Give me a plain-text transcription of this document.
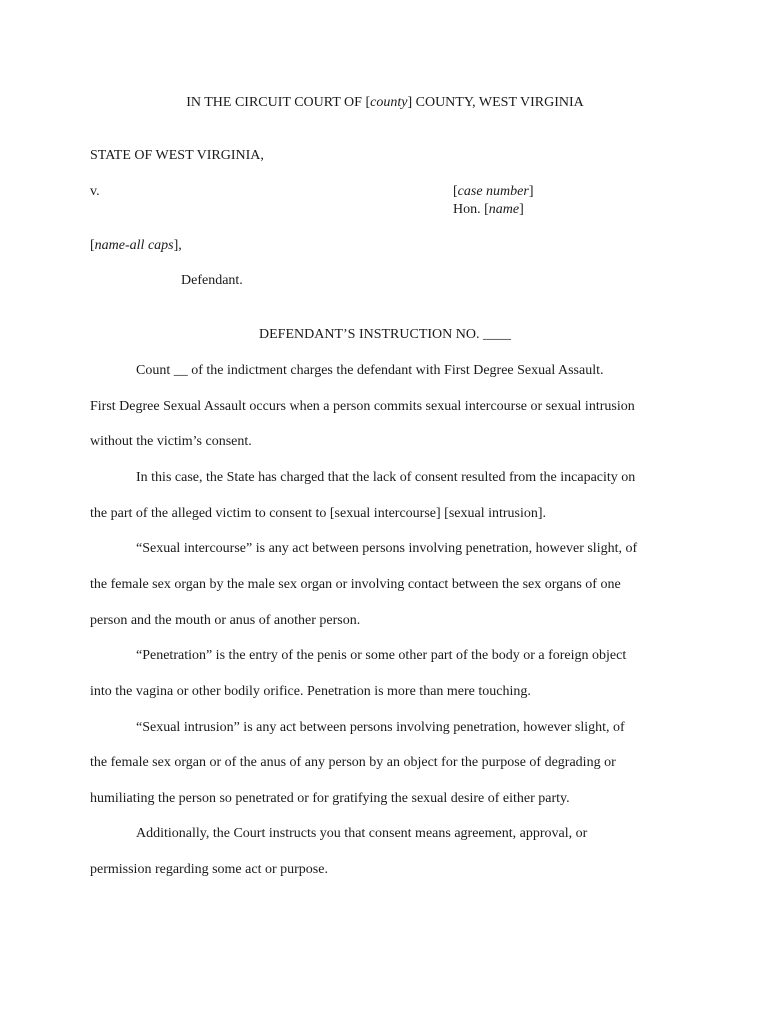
IN THE CIRCUIT COURT OF [county] COUNTY, WEST VIRGINIA
STATE OF WEST VIRGINIA,
v.	[case number]
Hon. [name]
[name-all caps],
Defendant.
DEFENDANT’S INSTRUCTION NO. ____
Count __ of the indictment charges the defendant with First Degree Sexual Assault.
First Degree Sexual Assault occurs when a person commits sexual intercourse or sexual intrusion
without the victim’s consent.
In this case, the State has charged that the lack of consent resulted from the incapacity on
the part of the alleged victim to consent to [sexual intercourse] [sexual intrusion].
“Sexual intercourse” is any act between persons involving penetration, however slight, of
the female sex organ by the male sex organ or involving contact between the sex organs of one
person and the mouth or anus of another person.
“Penetration” is the entry of the penis or some other part of the body or a foreign object
into the vagina or other bodily orifice. Penetration is more than mere touching.
“Sexual intrusion” is any act between persons involving penetration, however slight, of
the female sex organ or of the anus of any person by an object for the purpose of degrading or
humiliating the person so penetrated or for gratifying the sexual desire of either party.
Additionally, the Court instructs you that consent means agreement, approval, or
permission regarding some act or purpose.
